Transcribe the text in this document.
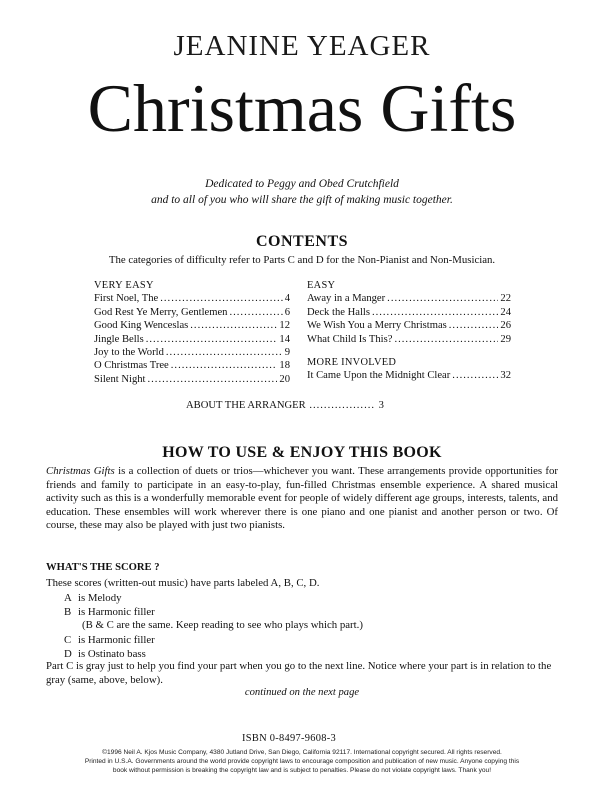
JEANINE YEAGER
Christmas Gifts
Dedicated to Peggy and Obed Crutchfield
and to all of you who will share the gift of making music together.
CONTENTS
The categories of difficulty refer to Parts C and D for the Non-Pianist and Non-Musician.
VERY EASY
First Noel, The .....	4
God Rest Ye Merry, Gentlemen .....	6
Good King Wenceslas .....	12
Jingle Bells .....	14
Joy to the World .....	9
O Christmas Tree .....	18
Silent Night .....	20
EASY
Away in a Manger .....	22
Deck the Halls .....	24
We Wish You a Merry Christmas .....	26
What Child Is This? .....	29
MORE INVOLVED
It Came Upon the Midnight Clear .....	32
ABOUT THE ARRANGER .................. 3
HOW TO USE & ENJOY THIS BOOK
Christmas Gifts is a collection of duets or trios—whichever you want. These arrangements provide opportunities for friends and family to participate in an easy-to-play, fun-filled Christmas ensemble experience. A shared musical activity such as this is a wonderfully memorable event for people of widely different age groups, interests, talents, and education. These ensembles will work wherever there is one piano and one pianist and another person or two. Of course, these may also be played with just two pianists.
WHAT'S THE SCORE ?
These scores (written-out music) have parts labeled A, B, C, D.
A is Melody
B is Harmonic filler
(B & C are the same. Keep reading to see who plays which part.)
C is Harmonic filler
D is Ostinato bass
Part C is gray just to help you find your part when you go to the next line. Notice where your part is in relation to the gray (same, above, below).
continued on the next page
ISBN 0-8497-9608-3
©1996 Neil A. Kjos Music Company, 4380 Jutland Drive, San Diego, California 92117. International copyright secured. All rights reserved.
Printed in U.S.A. Governments around the world provide copyright laws to encourage composition and publication of new music. Anyone copying this
book without permission is breaking the copyright law and is subject to penalties. Please do not violate copyright laws. Thank you!
